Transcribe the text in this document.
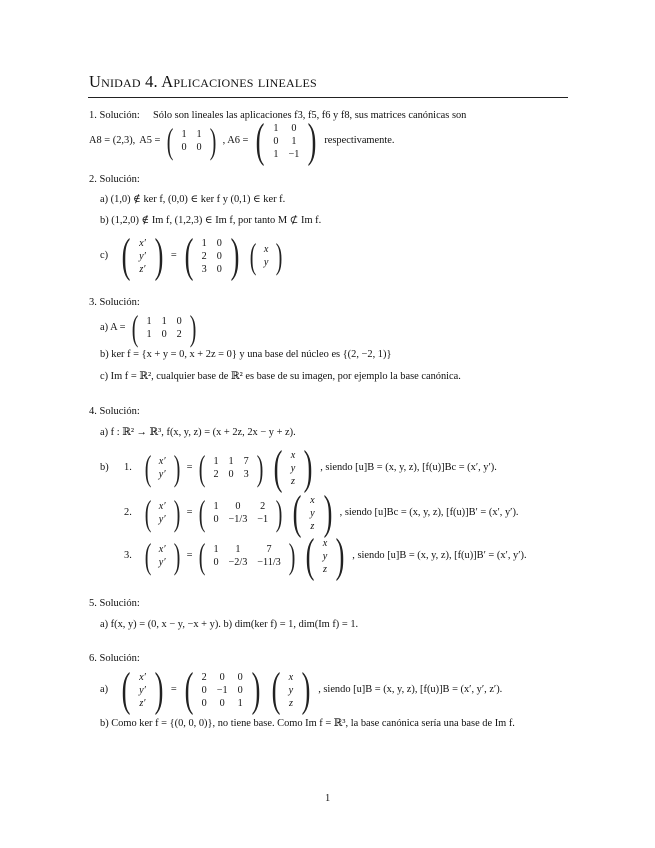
Unidad 4. Aplicaciones lineales
1. Solución: Sólo son lineales las aplicaciones f3, f5, f6 y f8, sus matrices canónicas son
A8 = (2,3), A5 = ( 1	1
0	0 ) , A6 = ( 1	0
0	1
1	−1 ) respectivamente.
2. Solución:
a) (1,0) ∉ ker f, (0,0) ∈ ker f y (0,1) ∈ ker f.
b) (1,2,0) ∉ Im f, (1,2,3) ∈ Im f, por tanto M ⊄ Im f.
c) ( x′
y′
z′ ) = ( 1	0
2	0
3	0 ) ( x
y )
3. Solución:
a) A = ( 1	1	0
1	0	2 )
b) ker f = {x + y = 0, x + 2z = 0} y una base del núcleo es {(2, −2, 1)}
c) Im f = ℝ², cualquier base de ℝ² es base de su imagen, por ejemplo la base canónica.
4. Solución:
a) f : ℝ² → ℝ³, f(x, y, z) = (x + 2z, 2x − y + z).
b) 1. ( x′
y′ ) = ( 1	1	7
2	0	3 ) ( x
y
z ) , siendo [u]B = (x, y, z), [f(u)]Bc = (x′, y′).
2. ( x′
y′ ) = ( 1	0	2
0	−1/3	−1 ) ( x
y
z ) , siendo [u]Bc = (x, y, z), [f(u)]B′ = (x′, y′).
3. ( x′
y′ ) = ( 1	1	7
0	−2/3	−11/3 ) ( x
y
z ) , siendo [u]B = (x, y, z), [f(u)]B′ = (x′, y′).
5. Solución:
a) f(x, y) = (0, x − y, −x + y). b) dim(ker f) = 1, dim(Im f) = 1.
6. Solución:
a) ( x′
y′
z′ ) = ( 2	0	0
0	−1	0
0	0	1 ) ( x
y
z ) , siendo [u]B = (x, y, z), [f(u)]B = (x′, y′, z′).
b) Como ker f = {(0, 0, 0)}, no tiene base. Como Im f = ℝ³, la base canónica sería una base de Im f.
1
